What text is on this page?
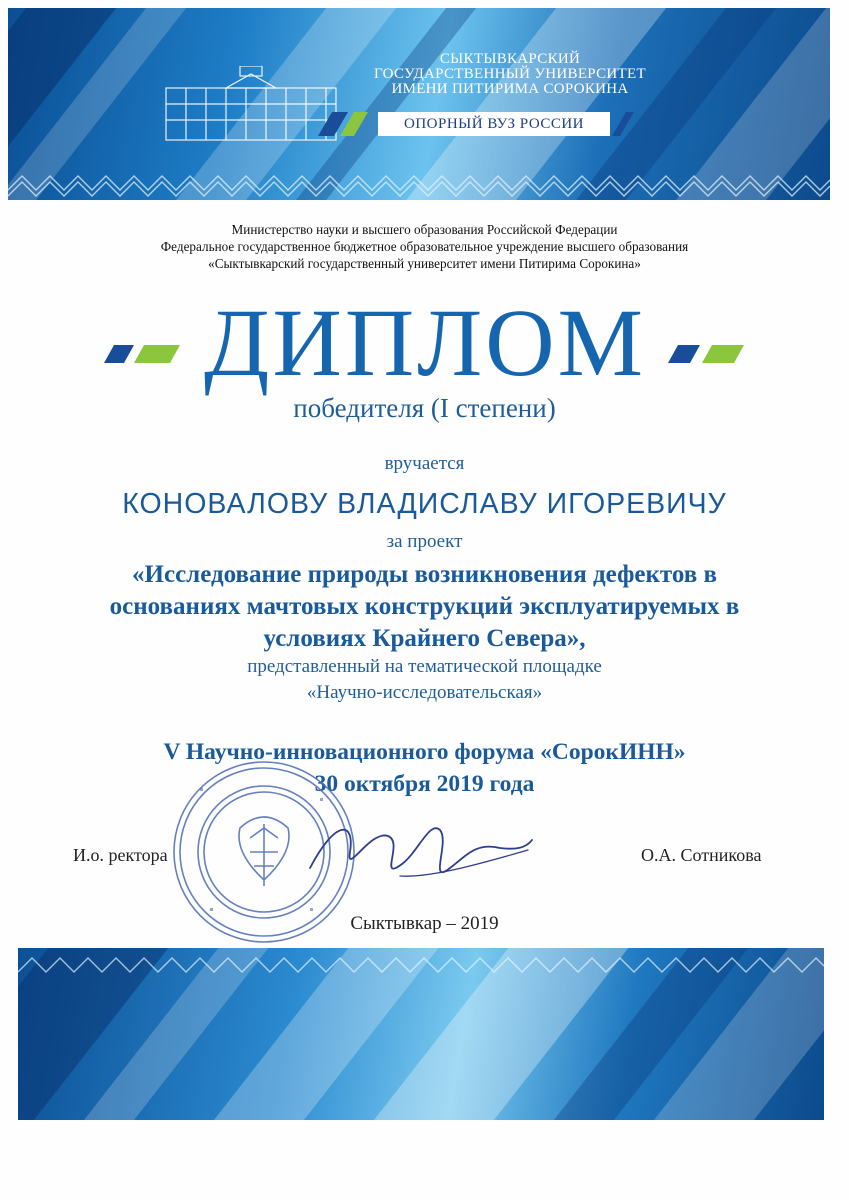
СЫКТЫВКАРСКИЙ
ГОСУДАРСТВЕННЫЙ УНИВЕРСИТЕТ
ИМЕНИ ПИТИРИМА СОРОКИНА
ОПОРНЫЙ ВУЗ РОССИИ
Министерство науки и высшего образования Российской Федерации
Федеральное государственное бюджетное образовательное учреждение высшего образования
«Сыктывкарский государственный университет имени Питирима Сорокина»
ДИПЛОМ
победителя (I степени)
вручается
КОНОВАЛОВУ ВЛАДИСЛАВУ ИГОРЕВИЧУ
за проект
«Исследование природы возникновения дефектов в
основаниях мачтовых конструкций эксплуатируемых в
условиях Крайнего Севера»,
представленный на тематической площадке
«Научно-исследовательская»
V Научно-инновационного форума «СорокИНН»
30 октября 2019 года
И.о. ректора	О.А. Сотникова
Сыктывкар – 2019
